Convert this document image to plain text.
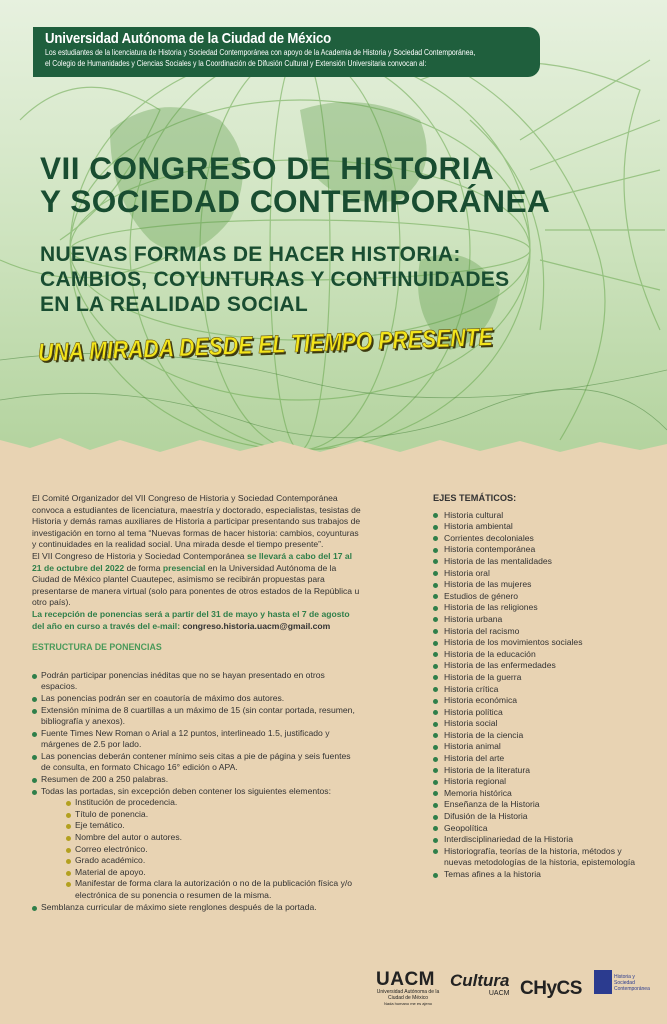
Universidad Autónoma de la Ciudad de México
Los estudiantes de la licenciatura de Historia y Sociedad Contemporánea con apoyo de la Academia de Historia y Sociedad Contemporánea,
el Colegio de Humanidades y Ciencias Sociales y la Coordinación de Difusión Cultural y Extensión Universitaria convocan al:
VII CONGRESO DE HISTORIA
Y SOCIEDAD CONTEMPORÁNEA
NUEVAS FORMAS DE HACER HISTORIA:
CAMBIOS, COYUNTURAS Y CONTINUIDADES
EN LA REALIDAD SOCIAL
UNA MIRADA DESDE EL TIEMPO PRESENTE

El Comité Organizador del VII Congreso de Historia y Sociedad Contemporánea convoca a estudiantes de licenciatura, maestría y doctorado, especialistas, tesistas de Historia y demás ramas auxiliares de Historia a participar presentando sus trabajos de investigación en torno al tema “Nuevas formas de hacer historia: cambios, coyunturas y continuidades en la realidad social. Una mirada desde el tiempo presente”.

El VII Congreso de Historia y Sociedad Contemporánea se llevará a cabo del 17 al 21 de octubre del 2022 de forma presencial en la Universidad Autónoma de la Ciudad de México plantel Cuautepec, asimismo se recibirán propuestas para presentarse de manera virtual (solo para ponentes de otros estados de la República u otro país).

La recepción de ponencias será a partir del 31 de mayo y hasta el 7 de agosto del año en curso a través del e-mail: congreso.historia.uacm@gmail.com

ESTRUCTURA DE PONENCIAS

Podrán participar ponencias inéditas que no se hayan presentado en otros espacios.
Las ponencias podrán ser en coautoría de máximo dos autores.
Extensión mínima de 8 cuartillas a un máximo de 15 (sin contar portada, resumen, bibliografía y anexos).
Fuente Times New Roman o Arial a 12 puntos, interlineado 1.5, justificado y márgenes de 2.5 por lado.
Las ponencias deberán contener mínimo seis citas a pie de página y seis fuentes de consulta, en formato Chicago 16° edición o APA.
Resumen de 200 a 250 palabras.
Todas las portadas, sin excepción deben contener los siguientes elementos:
Institución de procedencia.
Título de ponencia.
Eje temático.
Nombre del autor o autores.
Correo electrónico.
Grado académico.
Material de apoyo.
Manifestar de forma clara la autorización o no de la publicación física y/o electrónica de su ponencia o resumen de la misma.
Semblanza curricular de máximo siete renglones después de la portada.
EJES TEMÁTICOS:
Historia cultural
Historia ambiental
Corrientes decoloniales
Historia contemporánea
Historia de las mentalidades
Historia oral
Historia de las mujeres
Estudios de género
Historia de las religiones
Historia urbana
Historia del racismo
Historia de los movimientos sociales
Historia de la educación
Historia de las enfermedades
Historia de la guerra
Historia crítica
Historia económica
Historia política
Historia social
Historia de la ciencia
Historia animal
Historia del arte
Historia de la literatura
Historia regional
Memoria histórica
Enseñanza de la Historia
Difusión de la Historia
Geopolítica
Interdisciplinariedad de la Historia
Historiografía, teorías de la historia, métodos y nuevas metodologías de la historia, epistemología
Temas afines a la historia
UACM
Universidad Autónoma de la Ciudad de México
Nada humano me es ajeno
Cultura
UACM CHyCS
Historia y Sociedad Contemporánea
